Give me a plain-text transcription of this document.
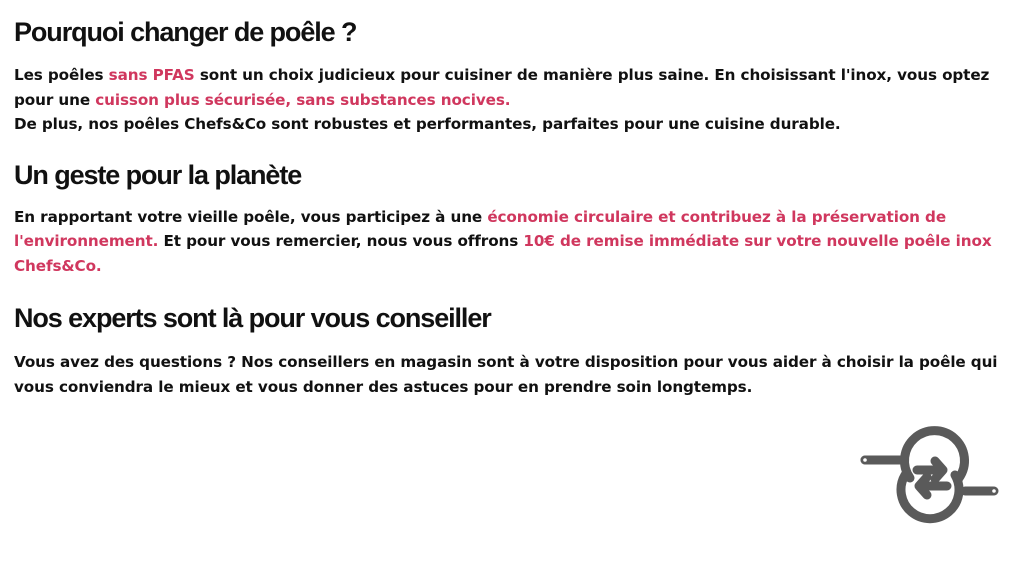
Pourquoi changer de poêle ?

Les poêles sans PFAS sont un choix judicieux pour cuisiner de manière plus saine. En choisissant l'inox, vous optez pour une cuisson plus sécurisée, sans substances nocives.
De plus, nos poêles Chefs&Co sont robustes et performantes, parfaites pour une cuisine durable.

Un geste pour la planète

En rapportant votre vieille poêle, vous participez à une économie circulaire et contribuez à la préservation de l'environnement. Et pour vous remercier, nous vous offrons 10€ de remise immédiate sur votre nouvelle poêle inox Chefs&Co.

Nos experts sont là pour vous conseiller

Vous avez des questions ? Nos conseillers en magasin sont à votre disposition pour vous aider à choisir la poêle qui vous conviendra le mieux et vous donner des astuces pour en prendre soin longtemps.
